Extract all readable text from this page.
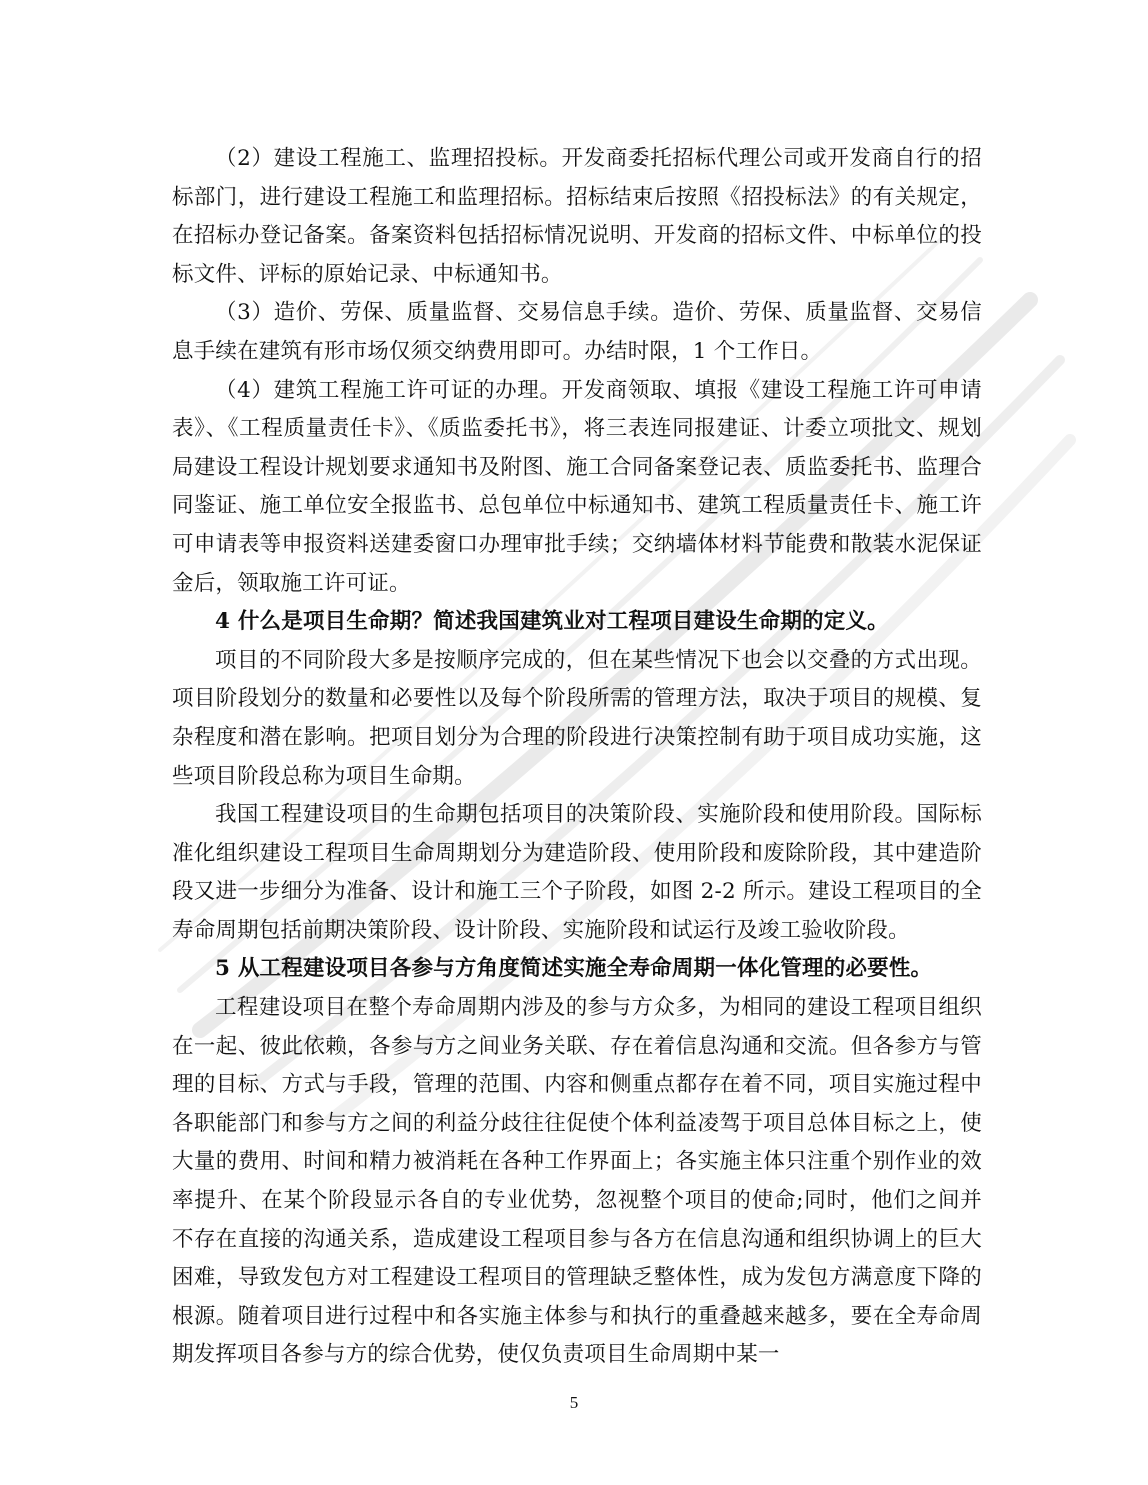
（2）建设工程施工、监理招投标。开发商委托招标代理公司或开发商自行的招标部门，进行建设工程施工和监理招标。招标结束后按照《招投标法》的有关规定，在招标办登记备案。备案资料包括招标情况说明、开发商的招标文件、中标单位的投标文件、评标的原始记录、中标通知书。

（3）造价、劳保、质量监督、交易信息手续。造价、劳保、质量监督、交易信息手续在建筑有形市场仅须交纳费用即可。办结时限，1 个工作日。

（4）建筑工程施工许可证的办理。开发商领取、填报《建设工程施工许可申请表》、《工程质量责任卡》、《质监委托书》，将三表连同报建证、计委立项批文、规划局建设工程设计规划要求通知书及附图、施工合同备案登记表、质监委托书、监理合同鉴证、施工单位安全报监书、总包单位中标通知书、建筑工程质量责任卡、施工许可申请表等申报资料送建委窗口办理审批手续；交纳墙体材料节能费和散装水泥保证金后，领取施工许可证。

4 什么是项目生命期？简述我国建筑业对工程项目建设生命期的定义。

项目的不同阶段大多是按顺序完成的，但在某些情况下也会以交叠的方式出现。项目阶段划分的数量和必要性以及每个阶段所需的管理方法，取决于项目的规模、复杂程度和潜在影响。把项目划分为合理的阶段进行决策控制有助于项目成功实施，这些项目阶段总称为项目生命期。

我国工程建设项目的生命期包括项目的决策阶段、实施阶段和使用阶段。国际标准化组织建设工程项目生命周期划分为建造阶段、使用阶段和废除阶段，其中建造阶段又进一步细分为准备、设计和施工三个子阶段，如图 2-2 所示。建设工程项目的全寿命周期包括前期决策阶段、设计阶段、实施阶段和试运行及竣工验收阶段。

5 从工程建设项目各参与方角度简述实施全寿命周期一体化管理的必要性。

工程建设项目在整个寿命周期内涉及的参与方众多，为相同的建设工程项目组织在一起、彼此依赖，各参与方之间业务关联、存在着信息沟通和交流。但各参方与管理的目标、方式与手段，管理的范围、内容和侧重点都存在着不同，项目实施过程中各职能部门和参与方之间的利益分歧往往促使个体利益凌驾于项目总体目标之上，使大量的费用、时间和精力被消耗在各种工作界面上；各实施主体只注重个别作业的效率提升、在某个阶段显示各自的专业优势，忽视整个项目的使命;同时，他们之间并不存在直接的沟通关系，造成建设工程项目参与各方在信息沟通和组织协调上的巨大困难，导致发包方对工程建设工程项目的管理缺乏整体性，成为发包方满意度下降的根源。随着项目进行过程中和各实施主体参与和执行的重叠越来越多，要在全寿命周期发挥项目各参与方的综合优势，使仅负责项目生命周期中某一

5
